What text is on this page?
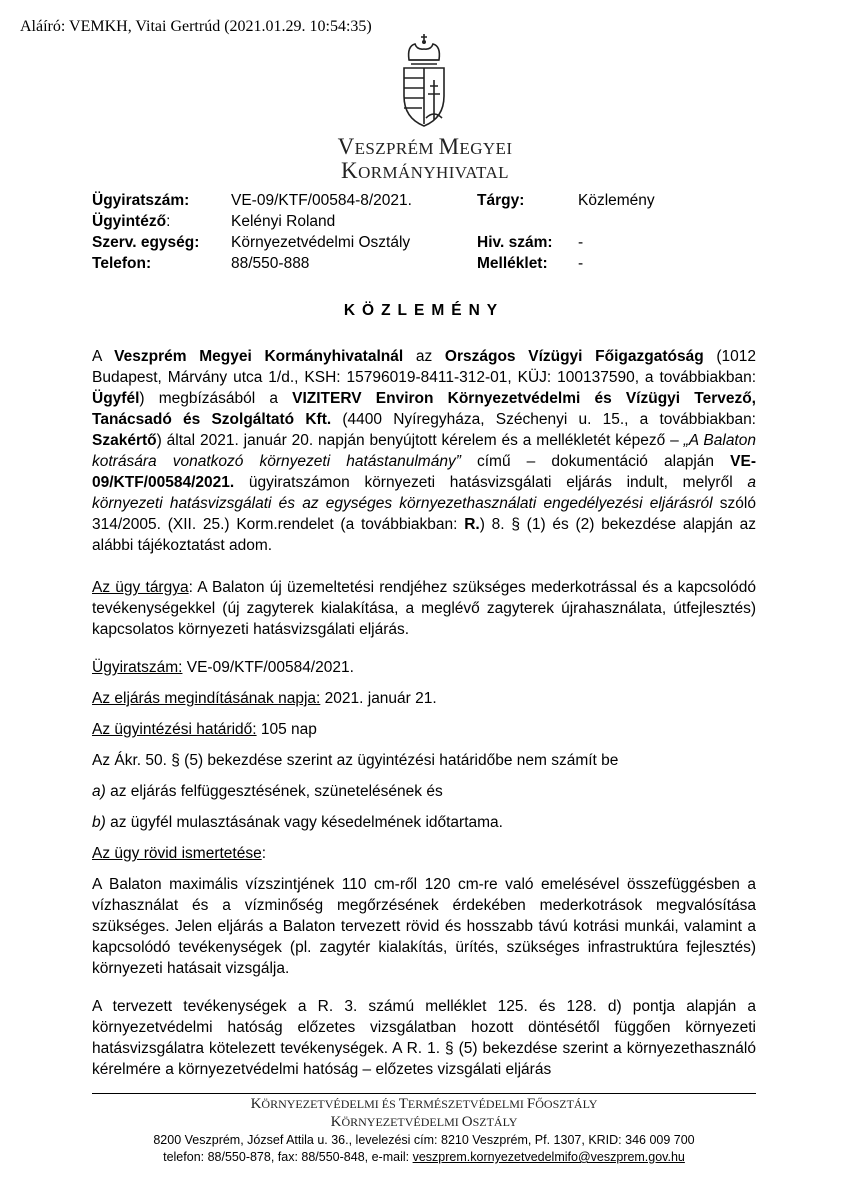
Aláíró: VEMKH, Vitai Gertrúd (2021.01.29. 10:54:35)
VESZPRÉM MEGYEI
KORMÁNYHIVATAL
Ügyiratszám:
Ügyintéző:
Szerv. egység:
Telefon:
VE-09/KTF/00584-8/2021.
Kelényi Roland
Környezetvédelmi Osztály
88/550-888
Tárgy:

Hiv. szám:
Melléklet:
Közlemény

-
-
KÖZLEMÉNY
A Veszprém Megyei Kormányhivatalnál az Országos Vízügyi Főigazgatóság (1012 Budapest, Márvány utca 1/d., KSH: 15796019-8411-312-01, KÜJ: 100137590, a továbbiakban: Ügyfél) megbízásából a VIZITERV Environ Környezetvédelmi és Vízügyi Tervező, Tanácsadó és Szolgáltató Kft. (4400 Nyíregyháza, Széchenyi u. 15., a továbbiakban: Szakértő) által 2021. január 20. napján benyújtott kérelem és a mellékletét képező – „A Balaton kotrására vonatkozó környezeti hatástanulmány” című – dokumentáció alapján VE-09/KTF/00584/2021. ügyiratszámon környezeti hatásvizsgálati eljárás indult, melyről a környezeti hatásvizsgálati és az egységes környezethasználati engedélyezési eljárásról szóló 314/2005. (XII. 25.) Korm.rendelet (a továbbiakban: R.) 8. § (1) és (2) bekezdése alapján az alábbi tájékoztatást adom.
Az ügy tárgya: A Balaton új üzemeltetési rendjéhez szükséges mederkotrással és a kapcsolódó tevékenységekkel (új zagyterek kialakítása, a meglévő zagyterek újrahasználata, útfejlesztés) kapcsolatos környezeti hatásvizsgálati eljárás.
Ügyiratszám: VE-09/KTF/00584/2021.
Az eljárás megindításának napja: 2021. január 21.
Az ügyintézési határidő: 105 nap
Az Ákr. 50. § (5) bekezdése szerint az ügyintézési határidőbe nem számít be
a) az eljárás felfüggesztésének, szünetelésének és
b) az ügyfél mulasztásának vagy késedelmének időtartama.
Az ügy rövid ismertetése:
A Balaton maximális vízszintjének 110 cm-ről 120 cm-re való emelésével összefüggésben a vízhasználat és a vízminőség megőrzésének érdekében mederkotrások megvalósítása szükséges. Jelen eljárás a Balaton tervezett rövid és hosszabb távú kotrási munkái, valamint a kapcsolódó tevékenységek (pl. zagytér kialakítás, ürítés, szükséges infrastruktúra fejlesztés) környezeti hatásait vizsgálja.
A tervezett tevékenységek a R. 3. számú melléklet 125. és 128. d) pontja alapján a környezetvédelmi hatóság előzetes vizsgálatban hozott döntésétől függően környezeti hatásvizsgálatra kötelezett tevékenységek. A R. 1. § (5) bekezdése szerint a környezethasználó kérelmére a környezetvédelmi hatóság – előzetes vizsgálati eljárás
KÖRNYEZETVÉDELMI ÉS TERMÉSZETVÉDELMI FŐOSZTÁLY
KÖRNYEZETVÉDELMI OSZTÁLY
8200 Veszprém, József Attila u. 36., levelezési cím: 8210 Veszprém, Pf. 1307, KRID: 346 009 700
telefon: 88/550-878, fax: 88/550-848, e-mail: veszprem.kornyezetvedelmifo@veszprem.gov.hu
